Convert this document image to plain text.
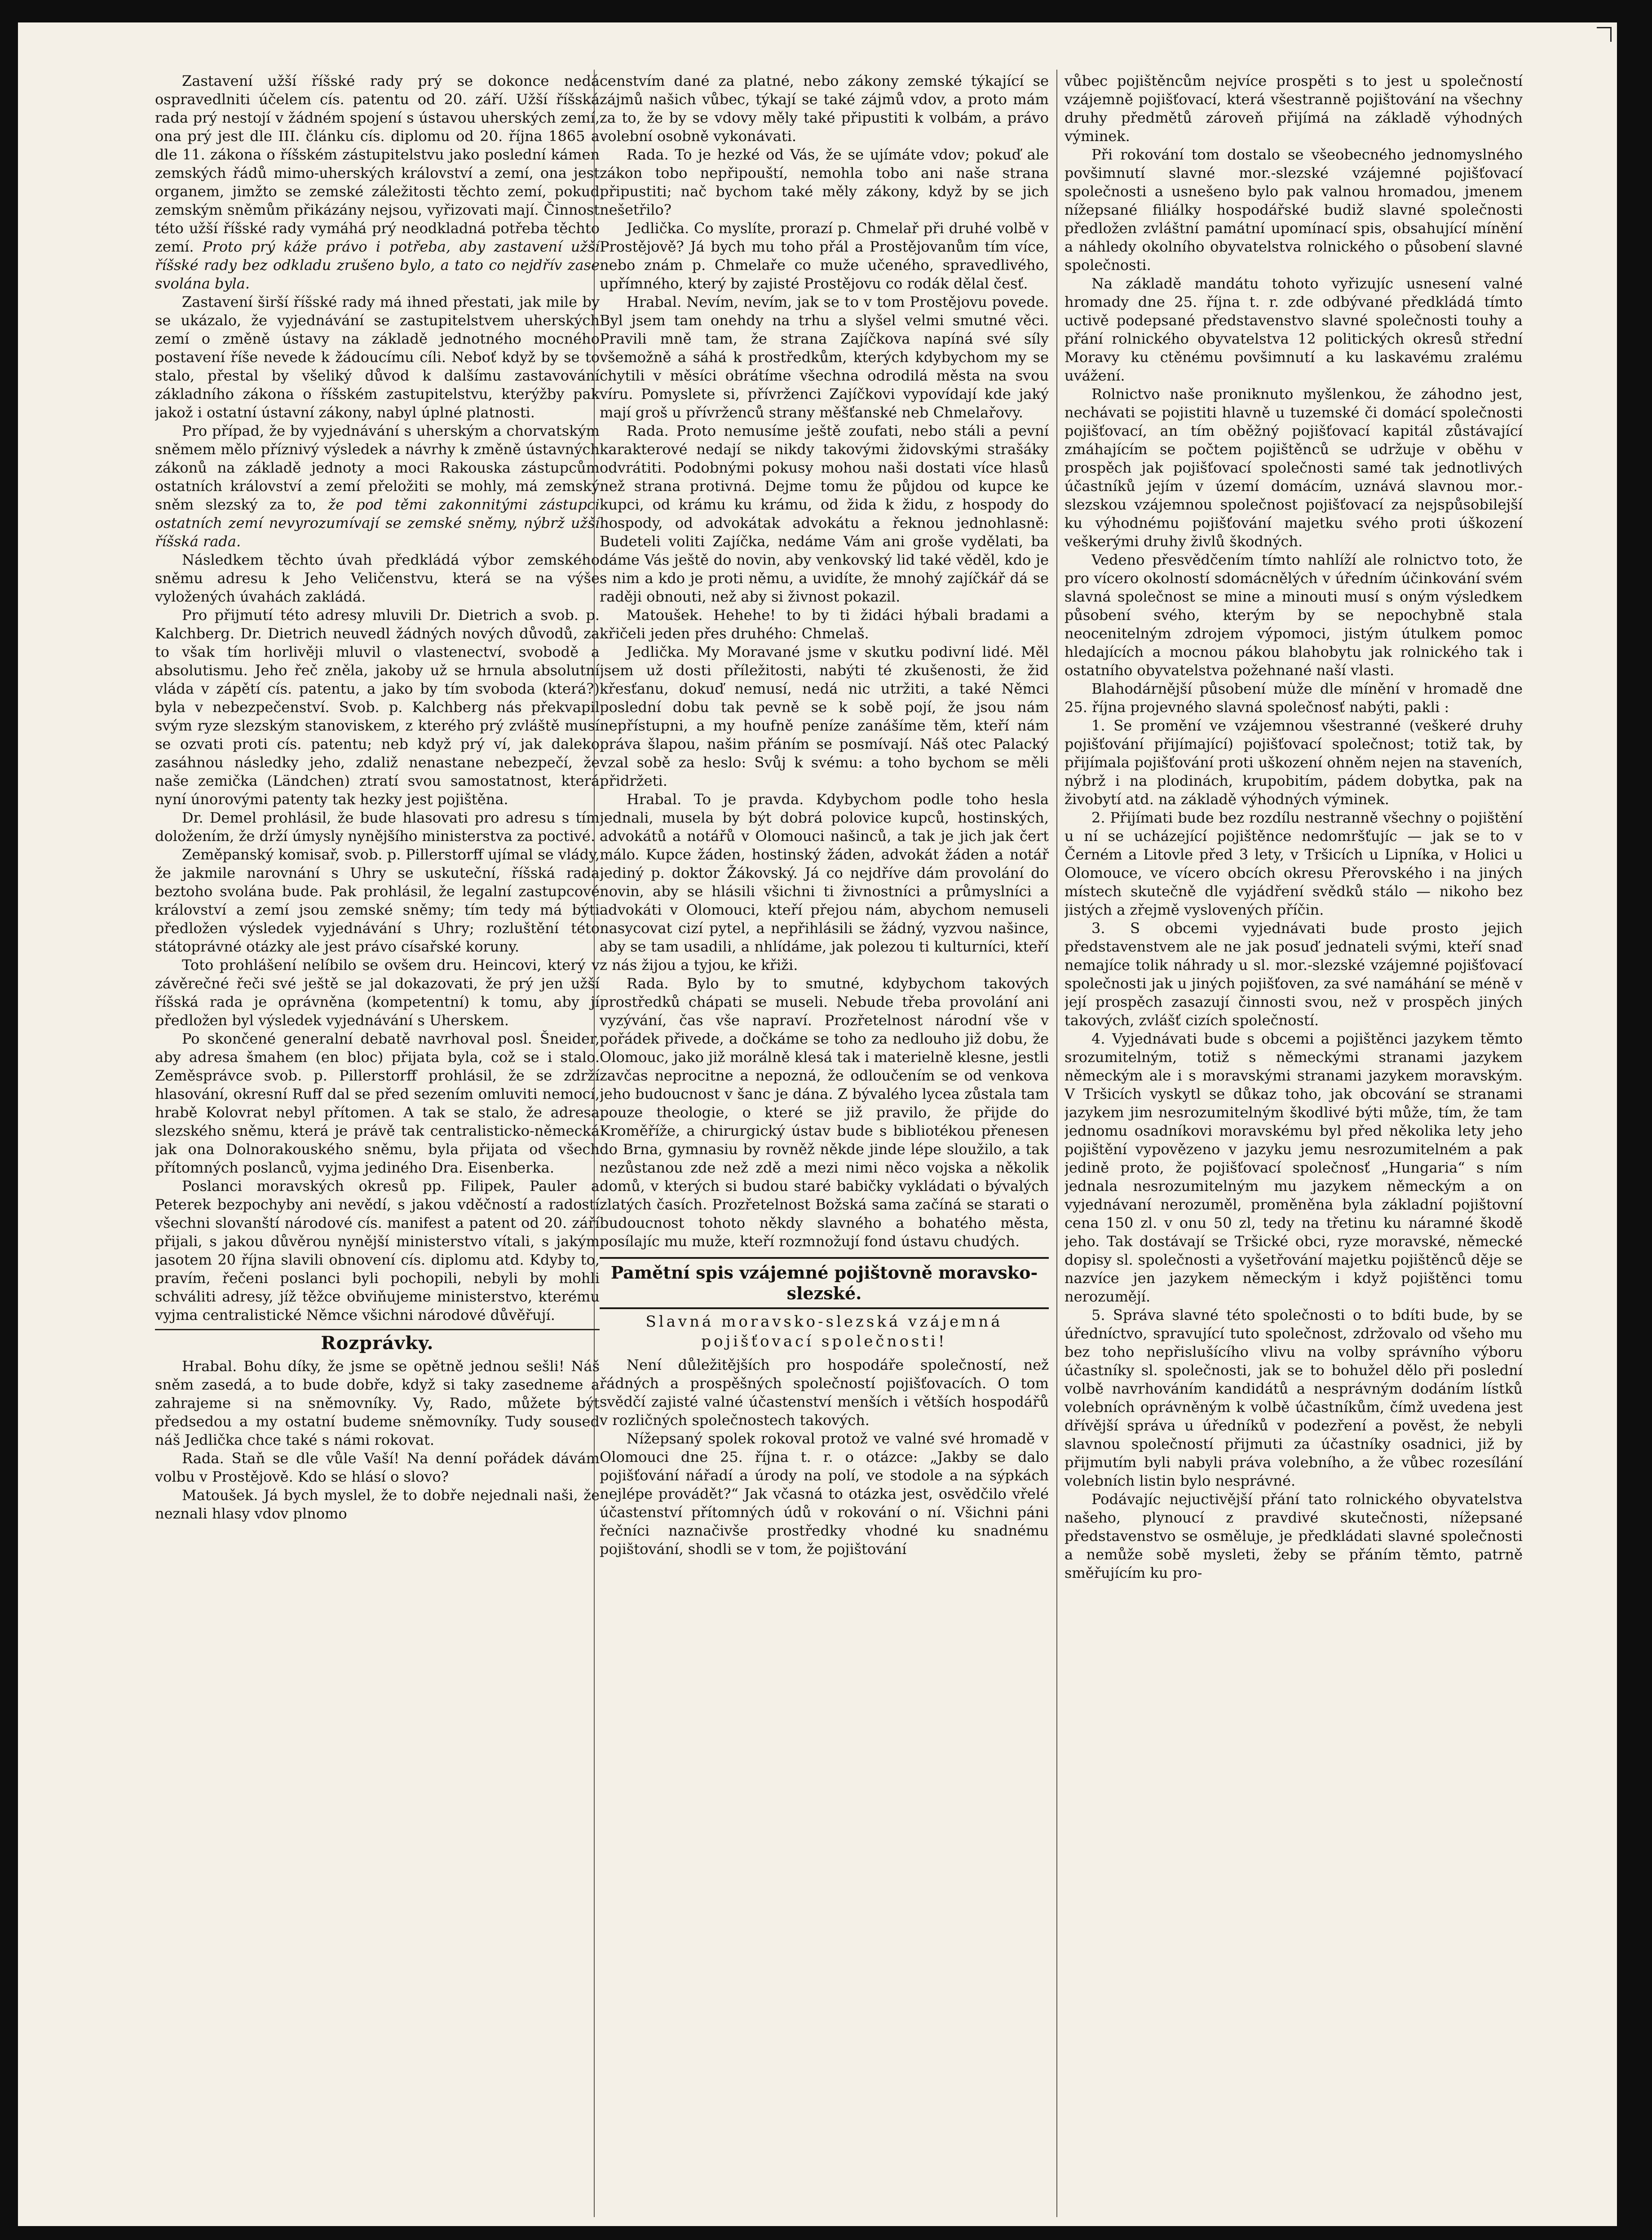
Zastavení užší říšské rady prý se dokonce nedá ospravedlniti účelem cís. patentu od 20. září. Užší říšská rada prý nestojí v žádném spojení s ústavou uherských zemí, ona prý jest dle III. článku cís. diplomu od 20. října 1865 a dle 11. zákona o říšském zástupitelstvu jako poslední kámen zemských řádů mimo-uherských království a zemí, ona jest organem, jimžto se zemské záležitosti těchto zemí, pokud zemským sněmům přikázány nejsou, vyřizovati mají. Činnost této užší říšské rady vymáhá prý neodkladná potřeba těchto zemí. Proto prý káže právo i potřeba, aby zastavení užší říšské rady bez odkladu zrušeno bylo, a tato co nejdřív zase svolána byla.

Zastavení širší říšské rady má ihned přestati, jak mile by se ukázalo, že vyjednávání se zastupitelstvem uherských zemí o změně ústavy na základě jednotného mocného postavení říše nevede k žádoucímu cíli. Neboť když by se to stalo, přestal by všeliký důvod k dalšímu zastavování základního zákona o říšském zastupitelstvu, kterýžby pak jakož i ostatní ústavní zákony, nabyl úplné platnosti.

Pro případ, že by vyjednávání s uherským a chorvatským sněmem mělo příznivý výsledek a návrhy k změně ústavných zákonů na základě jednoty a moci Rakouska zástupcům ostatních království a zemí přeložiti se mohly, má zemský sněm slezský za to, že pod těmi zakonnitými zástupci ostatních zemí nevyrozumívají se zemské sněmy, nýbrž užší říšská rada.

Následkem těchto úvah předkládá výbor zemského sněmu adresu k Jeho Veličenstvu, která se na výše vyložených úvahách zakládá.

Pro přijmutí této adresy mluvili Dr. Dietrich a svob. p. Kalchberg. Dr. Dietrich neuvedl žádných nových důvodů, za to však tím horlivěji mluvil o vlastenectví, svobodě a absolutismu. Jeho řeč zněla, jakoby už se hrnula absolutní vláda v zápětí cís. patentu, a jako by tím svoboda (která?) byla v nebezpečenství. Svob. p. Kalchberg nás překvapil svým ryze slezským stanoviskem, z kterého prý zvláště musí se ozvati proti cís. patentu; neb když prý ví, jak daleko zasáhnou následky jeho, zdaliž nenastane nebezpečí, že naše zemička (Ländchen) ztratí svou samostatnost, která nyní únorovými patenty tak hezky jest pojištěna.

Dr. Demel prohlásil, že bude hlasovati pro adresu s tím doložením, že drží úmysly nynějšího ministerstva za poctivé.

Zeměpanský komisař, svob. p. Pillerstorff ujímal se vlády, že jakmile narovnání s Uhry se uskuteční, říšská rada beztoho svolána bude. Pak prohlásil, že legalní zastupcové království a zemí jsou zemské sněmy; tím tedy má býti předložen výsledek vyjednávání s Uhry; rozluštění této státoprávné otázky ale jest právo císařské koruny.

Toto prohlášení nelíbilo se ovšem dru. Heincovi, který v závěrečné řeči své ještě se jal dokazovati, že prý jen užší říšská rada je oprávněna (kompetentní) k tomu, aby jí předložen byl výsledek vyjednávání s Uherskem.

Po skončené generalní debatě navrhoval posl. Šneider, aby adresa šmahem (en bloc) přijata byla, což se i stalo. Zeměsprávce svob. p. Pillerstorff prohlásil, že se zdrží hlasování, okresní Ruff dal se před sezením omluviti nemocí, hrabě Kolovrat nebyl přítomen. A tak se stalo, že adresa slezského sněmu, která je právě tak centralisticko-německá jak ona Dolnorakouského sněmu, byla přijata od všech přítomných poslanců, vyjma jediného Dra. Eisenberka.

Poslanci moravských okresů pp. Filipek, Pauler a Peterek bezpochyby ani nevědí, s jakou vděčností a radostí všechni slovanští národové cís. manifest a patent od 20. září přijali, s jakou důvěrou nynější ministerstvo vítali, s jakým jasotem 20 října slavili obnovení cís. diplomu atd. Kdyby to, pravím, řečeni poslanci byli pochopili, nebyli by mohli schváliti adresy, jíž těžce obviňujeme ministerstvo, kterému vyjma centralistické Němce všichni národové důvěřují.

Rozprávky.

Hrabal. Bohu díky, že jsme se opětně jednou sešli! Náš sněm zasedá, a to bude dobře, když si taky zasedneme a zahrajeme si na sněmovníky. Vy, Rado, můžete být předsedou a my ostatní budeme sněmovníky. Tudy soused náš Jedlička chce také s námi rokovat.

Rada. Staň se dle vůle Vaší! Na denní pořádek dávám volbu v Prostějově. Kdo se hlásí o slovo?

Matoušek. Já bych myslel, že to dobře nejednali naši, že neznali hlasy vdov plnomo

censtvím dané za platné, nebo zákony zemské týkající se zájmů našich vůbec, týkají se také zájmů vdov, a proto mám za to, že by se vdovy měly také připustiti k volbám, a právo volební osobně vykonávati.

Rada. To je hezké od Vás, že se ujímáte vdov; pokuď ale zákon tobo nepřipouští, nemohla tobo ani naše strana připustiti; nač bychom také měly zákony, když by se jich nešetřilo?

Jedlička. Co myslíte, prorazí p. Chmelař při druhé volbě v Prostějově? Já bych mu toho přál a Prostějovanům tím více, nebo znám p. Chmelaře co muže učeného, spravedlivého, upřímného, který by zajisté Prostějovu co rodák dělal česť.

Hrabal. Nevím, nevím, jak se to v tom Prostějovu povede. Byl jsem tam onehdy na trhu a slyšel velmi smutné věci. Pravili mně tam, že strana Zajíčkova napíná své síly všemožně a sáhá k prostředkům, kterých kdybychom my se chytili v měsíci obrátíme všechna odrodilá města na svou víru. Pomyslete si, přívrženci Zajíčkovi vypovídají kde jaký mají groš u přívrženců strany měšťanské neb Chmelařovy.

Rada. Proto nemusíme ještě zoufati, nebo stáli a pevní karakterové nedají se nikdy takovými židovskými strašáky odvrátiti. Podobnými pokusy mohou naši dostati více hlasů než strana protivná. Dejme tomu že půjdou od kupce ke kupci, od krámu ku krámu, od žida k židu, z hospody do hospody, od advokátak advokátu a řeknou jednohlasně: Budeteli voliti Zajíčka, nedáme Vám ani groše vydělati, ba dáme Vás ještě do novin, aby venkovský lid také věděl, kdo je s nim a kdo je proti němu, a uvidíte, že mnohý zajíčkář dá se raději obnouti, než aby si živnost pokazil.

Matoušek. Hehehe! to by ti židáci hýbali bradami a křičeli jeden přes druhého: Chmelaš.

Jedlička. My Moravané jsme v skutku podivní lidé. Měl jsem už dosti příležitosti, nabýti té zkušenosti, že žid křesťanu, dokuď nemusí, nedá nic utržiti, a také Němci poslední dobu tak pevně se k sobě pojí, že jsou nám nepřístupni, a my houfně peníze zanášíme těm, kteří nám práva šlapou, našim přáním se posmívají. Náš otec Palacký vzal sobě za heslo: Svůj k svému: a toho bychom se měli přidržeti.

Hrabal. To je pravda. Kdybychom podle toho hesla jednali, musela by být dobrá polovice kupců, hostinských, advokátů a notářů v Olomouci našinců, a tak je jich jak čert málo. Kupce žáden, hostinský žáden, advokát žáden a notář jediný p. doktor Žákovský. Já co nejdříve dám provolání do novin, aby se hlásili všichni ti živnostníci a průmyslníci a advokáti v Olomouci, kteří přejou nám, abychom nemuseli nasycovat cizí pytel, a nepřihlásili se žádný, vyzvou našince, aby se tam usadili, a nhlídáme, jak polezou ti kulturníci, kteří z nás žijou a tyjou, ke křiži.

Rada. Bylo by to smutné, kdybychom takových prostředků chápati se museli. Nebude třeba provolání ani vyzývání, čas vše napraví. Prozřetelnost národní vše v pořádek přivede, a dočkáme se toho za nedlouho již dobu, že Olomouc, jako již morálně klesá tak i materielně klesne, jestli zavčas neprocitne a nepozná, že odloučením se od venkova jeho budoucnost v šanc je dána. Z bývalého lycea zůstala tam pouze theologie, o které se již pravilo, že přijde do Kroměříže, a chirurgický ústav bude s bibliotékou přenesen do Brna, gymnasiu by rovněž někde jinde lépe sloužilo, a tak nezůstanou zde než zdě a mezi nimi něco vojska a několik domů, v kterých si budou staré babičky vykládati o bývalých zlatých časích. Prozřetelnost Božská sama začíná se starati o budoucnost tohoto někdy slavného a bohatého města, posílajíc mu muže, kteří rozmnožují fond ústavu chudých.

Pamětní spis vzájemné pojištovně moravsko-slezské.
Slavná moravsko-slezská vzájemná pojišťovací společnosti!

Není důležitějších pro hospodáře společností, než řádných a prospěšných společností pojišťovacích. O tom svědčí zajisté valné účastenství menších i větších hospodářů v rozličných společnostech takových.

Nížepsaný spolek rokoval protož ve valné své hromadě v Olomouci dne 25. října t. r. o otázce: „Jakby se dalo pojišťování nářadí a úrody na polí, ve stodole a na sýpkách nejlépe provádět?“ Jak včasná to otázka jest, osvědčilo vřelé účastenství přítomných údů v rokování o ní. Všichni páni řečníci naznačivše prostředky vhodné ku snadnému pojištování, shodli se v tom, že pojištování

vůbec pojištěncům nejvíce prospěti s to jest u společností vzájemně pojišťovací, která všestranně pojištování na všechny druhy předmětů zároveň přijímá na základě výhodných výminek.

Při rokování tom dostalo se všeobecného jednomyslného povšimnutí slavné mor.-slezské vzájemné pojišťovací společnosti a usnešeno bylo pak valnou hromadou, jmenem nížepsané filiálky hospodářské budiž slavné společnosti předložen zvláštní památní upomínací spis, obsahující mínění a náhledy okolního obyvatelstva rolnického o působení slavné společnosti.

Na základě mandátu tohoto vyřizujíc usnesení valné hromady dne 25. října t. r. zde odbývané předkládá tímto uctivě podepsané představenstvo slavné společnosti touhy a přání rolnického obyvatelstva 12 politických okresů střední Moravy ku ctěnému povšimnutí a ku laskavému zralému uvážení.

Rolnictvo naše proniknuto myšlenkou, že záhodno jest, nechávati se pojistiti hlavně u tuzemské či domácí společnosti pojišťovací, an tím oběžný pojišťovací kapitál zůstávající zmáhajícím se počtem pojištěnců se udržuje v oběhu v prospěch jak pojišťovací společnosti samé tak jednotlivých účastníků jejím v území domácím, uznává slavnou mor.-slezskou vzájemnou společnost pojišťovací za nejspůsobilejší ku výhodnému pojišťování majetku svého proti úškození veškerými druhy živlů škodných.

Vedeno přesvědčením tímto nahlíží ale rolnictvo toto, že pro vícero okolností sdomácnělých v úředním účinkování svém slavná společnost se mine a minouti musí s oným výsledkem působení svého, kterým by se nepochybně stala neocenitelným zdrojem výpomoci, jistým útulkem pomoc hledajících a mocnou pákou blahobytu jak rolnického tak i ostatního obyvatelstva požehnané naší vlasti.

Blahodárnější působení mu̇že dle mínění v hromadě dne 25. října projevného slavná společnosť nabýti, pakli :

1. Se promění ve vzájemnou všestranné (veškeré druhy pojišťování přijímající) pojišťovací společnost; totiž tak, by přijímala pojišťování proti uškození ohněm nejen na staveních, nýbrž i na plodinách, krupobitím, pádem dobytka, pak na živobytí atd. na základě výhodných výminek.

2. Přijímati bude bez rozdílu nestranně všechny o pojištění u ní se ucházející pojištěnce nedomršťujíc — jak se to v Černém a Litovle před 3 lety, v Tršicích u Lipníka, v Holici u Olomouce, ve vícero obcích okresu Přerovského i na jiných místech skutečně dle vyjádření svědků stálo — nikoho bez jistých a zřejmě vyslovených příčin.

3. S obcemi vyjednávati bude prosto jejich představenstvem ale ne jak posuď jednateli svými, kteří snaď nemajíce tolik náhrady u sl. mor.-slezské vzájemné pojišťovací společnosti jak u jiných pojišťoven, za své namáhání se méně v její prospěch zasazují činnosti svou, než v prospěch jiných takových, zvlášť cizích společností.

4. Vyjednávati bude s obcemi a pojištěnci jazykem těmto srozumitelným, totiž s německými stranami jazykem německým ale i s moravskými stranami jazykem moravským. V Tršicích vyskytl se důkaz toho, jak obcování se stranami jazykem jim nesrozumitelným škodlivé býti může, tím, že tam jednomu osadníkovi moravskému byl před několika lety jeho pojištění vypovězeno v jazyku jemu nesrozumitelném a pak jedině proto, že pojišťovací společnosť „Hungaria“ s ním jednala nesrozumitelným mu jazykem německým a on vyjednávaní nerozuměl, proměněna byla základní pojištovní cena 150 zl. v onu 50 zl, tedy na třetinu ku náramné škodě jeho. Tak dostávají se Tršické obci, ryze moravské, německé dopisy sl. společnosti a vyšetřování majetku pojištěnců děje se nazvíce jen jazykem německým i když pojištěnci tomu nerozumějí.

5. Správa slavné této společnosti o to bdíti bude, by se úředníctvo, spravující tuto společnost, zdržovalo od všeho mu bez toho nepřislušícího vlivu na volby správního výboru účastníky sl. společnosti, jak se to bohužel dělo při poslední volbě navrhováním kandidátů a nesprávným dodáním lístků volebních oprávněným k volbě účastníkům, čímž uvedena jest dřívější správa u úředníků v podezření a pověst, že nebyli slavnou společností přijmuti za účastníky osadnici, již by přijmutím byli nabyli práva volebního, a že vůbec rozesílání volebních listin bylo nesprávné.

Podávajíc nejuctivější přání tato rolnického obyvatelstva našeho, plynoucí z pravdivé skutečnosti, nížepsané představenstvo se osměluje, je předkládati slavné společnosti a nemůže sobě mysleti, žeby se přáním těmto, patrně směřujícím ku pro-
